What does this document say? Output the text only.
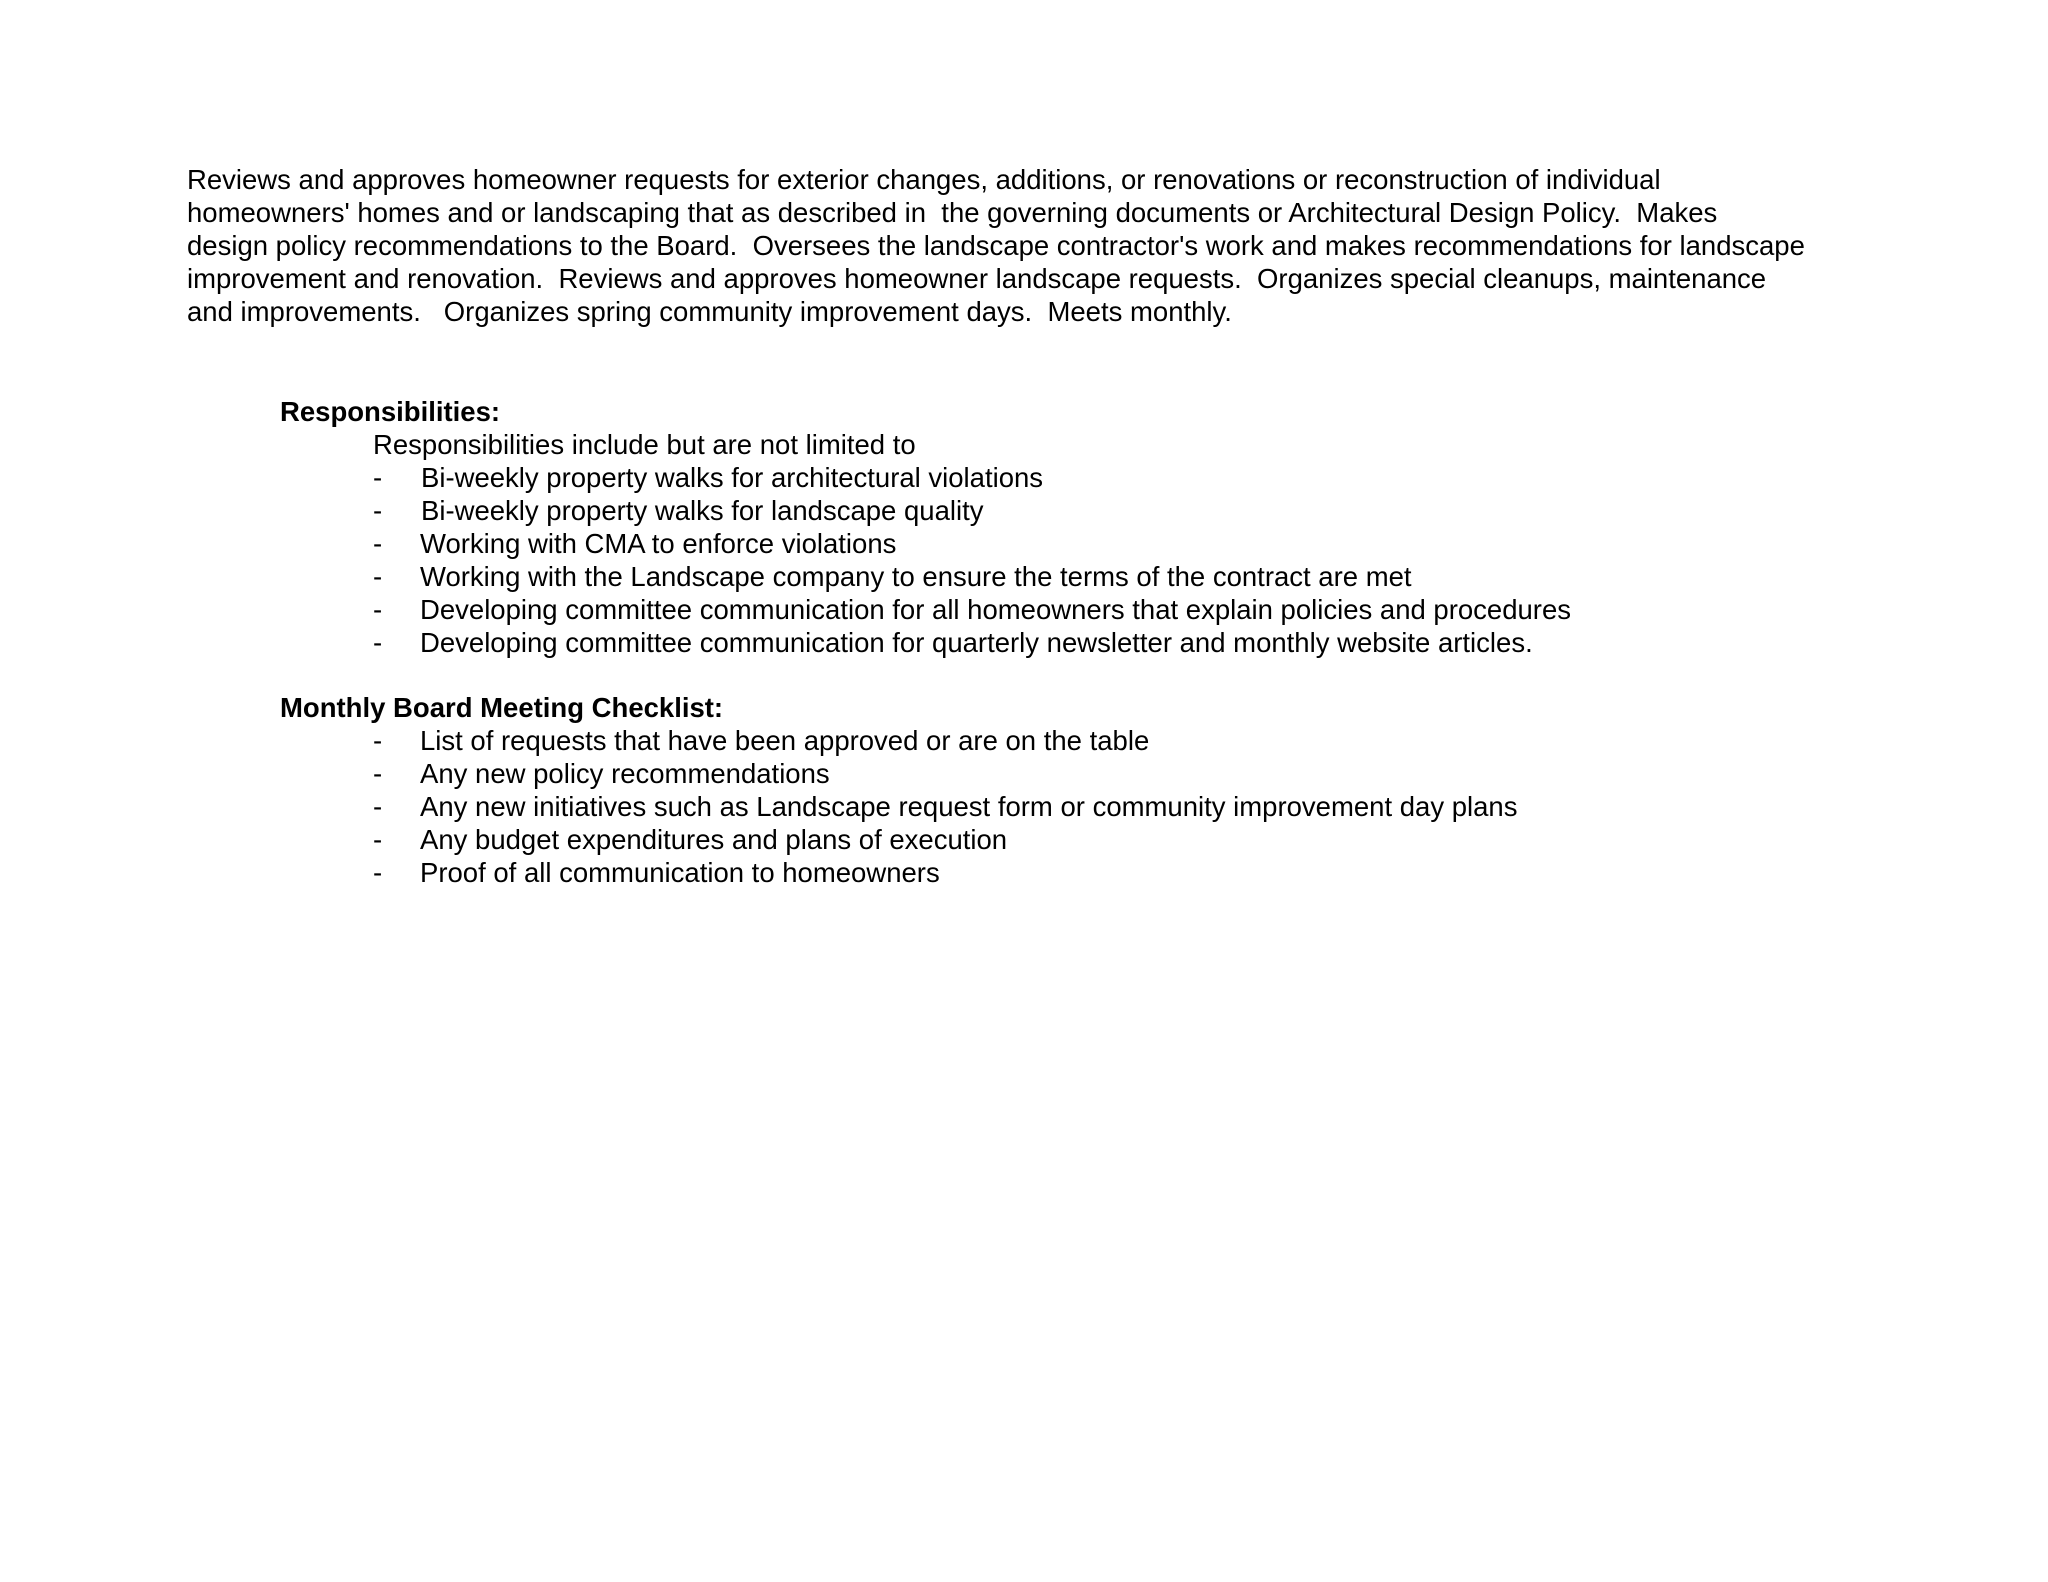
Reviews and approves homeowner requests for exterior changes, additions, or renovations or reconstruction of individual
homeowners' homes and or landscaping that as described in  the governing documents or Architectural Design Policy.  Makes
design policy recommendations to the Board.  Oversees the landscape contractor's work and makes recommendations for landscape
improvement and renovation.  Reviews and approves homeowner landscape requests.  Organizes special cleanups, maintenance
and improvements.   Organizes spring community improvement days.  Meets monthly.
Responsibilities:
Responsibilities include but are not limited to

-

Bi-weekly property walks for architectural violations

-

Bi-weekly property walks for landscape quality

-

Working with CMA to enforce violations

-

Working with the Landscape company to ensure the terms of the contract are met

-

Developing committee communication for all homeowners that explain policies and procedures

-

Developing committee communication for quarterly newsletter and monthly website articles.

Monthly Board Meeting Checklist:

-

List of requests that have been approved or are on the table

-

Any new policy recommendations

-

Any new initiatives such as Landscape request form or community improvement day plans

-

Any budget expenditures and plans of execution

-

Proof of all communication to homeowners
